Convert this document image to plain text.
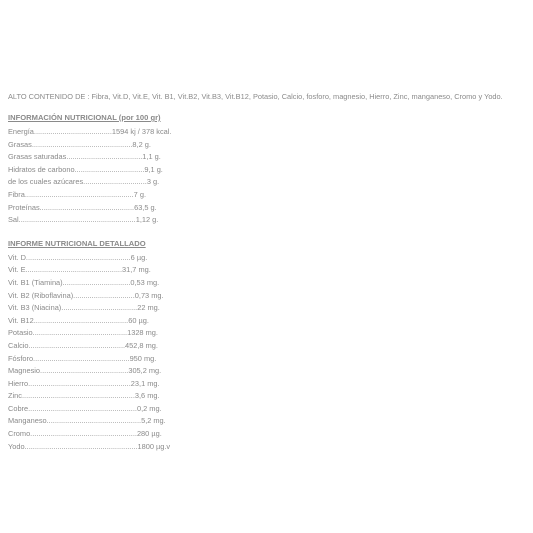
ALTO CONTENIDO DE : Fibra, Vit.D, Vit.E, Vit. B1, Vit.B2, Vit.B3, Vit.B12, Potasio, Calcio, fosforo, magnesio, Hierro, Zinc, manganeso, Cromo y Yodo.
INFORMACIÓN NUTRICIONAL (por 100 gr)
Energía......................................1594 kj / 378 kcal.
Grasas.................................................8,2 g.
Grasas saturadas.....................................1,1 g.
Hidratos de carbono..................................9,1 g.
de los cuales azúcares...............................3 g.
Fibra.....................................................7 g.
Proteínas..............................................63,5 g.
Sal.........................................................1,12 g.
INFORME NUTRICIONAL DETALLADO
Vit. D...................................................6 µg.
Vit. E...............................................31,7 mg.
Vit. B1 (Tiamina).................................0,53 mg.
Vit. B2 (Riboflavina)..............................0,73 mg.
Vit. B3 (Niacina).....................................22 mg.
Vit. B12..............................................60 µg.
Potasio..............................................1328 mg.
Calcio...............................................452,8 mg.
Fósforo...............................................950 mg.
Magnesio...........................................305,2 mg.
Hierro..................................................23,1 mg.
Zinc.......................................................3,6 mg.
Cobre.....................................................0,2 mg.
Manganeso..............................................5,2 mg.
Cromo....................................................280 µg.
Yodo.......................................................1800 µg.v
